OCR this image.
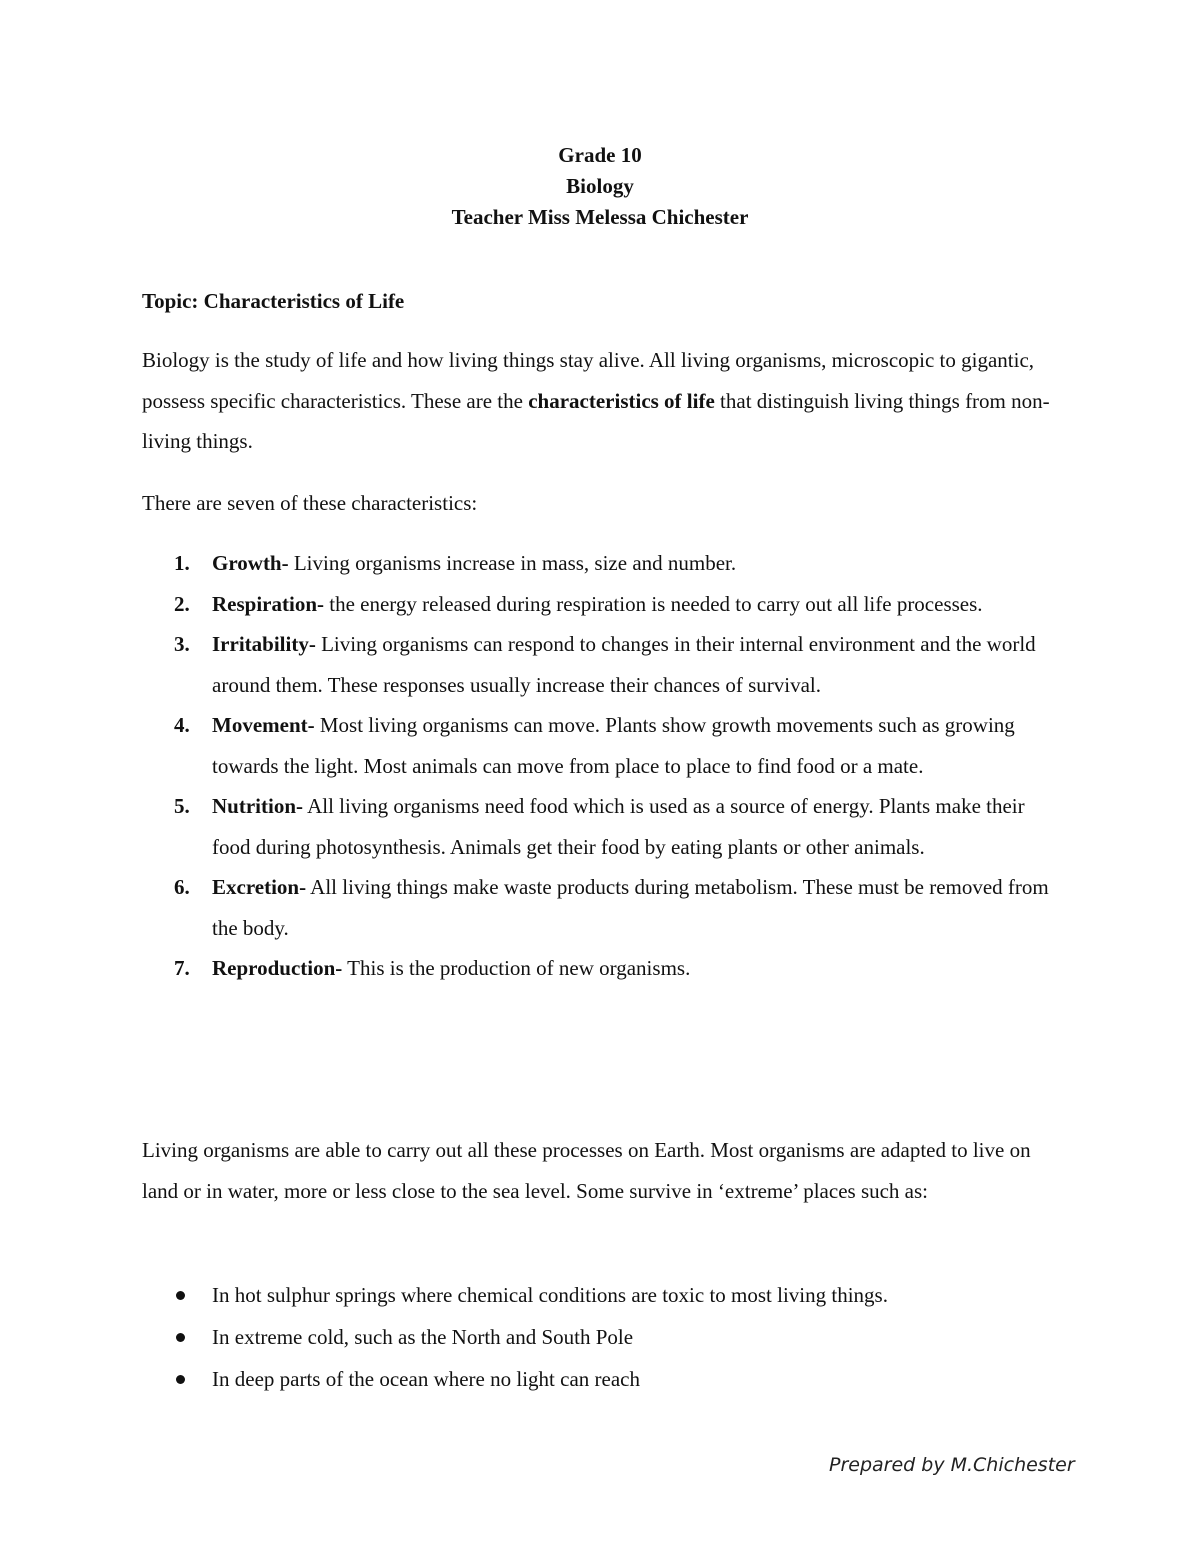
Grade 10
Biology
Teacher Miss Melessa Chichester
Topic: Characteristics of Life
Biology is the study of life and how living things stay alive. All living organisms, microscopic to gigantic, possess specific characteristics. These are the characteristics of life that distinguish living things from non-living things.
There are seven of these characteristics:
1.	Growth- Living organisms increase in mass, size and number.
2.	Respiration- the energy released during respiration is needed to carry out all life processes.
3.	Irritability- Living organisms can respond to changes in their internal environment and the world around them. These responses usually increase their chances of survival.
4.	Movement- Most living organisms can move. Plants show growth movements such as growing towards the light. Most animals can move from place to place to find food or a mate.
5.	Nutrition- All living organisms need food which is used as a source of energy. Plants make their food during photosynthesis. Animals get their food by eating plants or other animals.
6.	Excretion- All living things make waste products during metabolism. These must be removed from the body.
7.	Reproduction- This is the production of new organisms.
Living organisms are able to carry out all these processes on Earth. Most organisms are adapted to live on land or in water, more or less close to the sea level. Some survive in ‘extreme’ places such as:
In hot sulphur springs where chemical conditions are toxic to most living things.
In extreme cold, such as the North and South Pole
In deep parts of the ocean where no light can reach
Prepared by M.Chichester
